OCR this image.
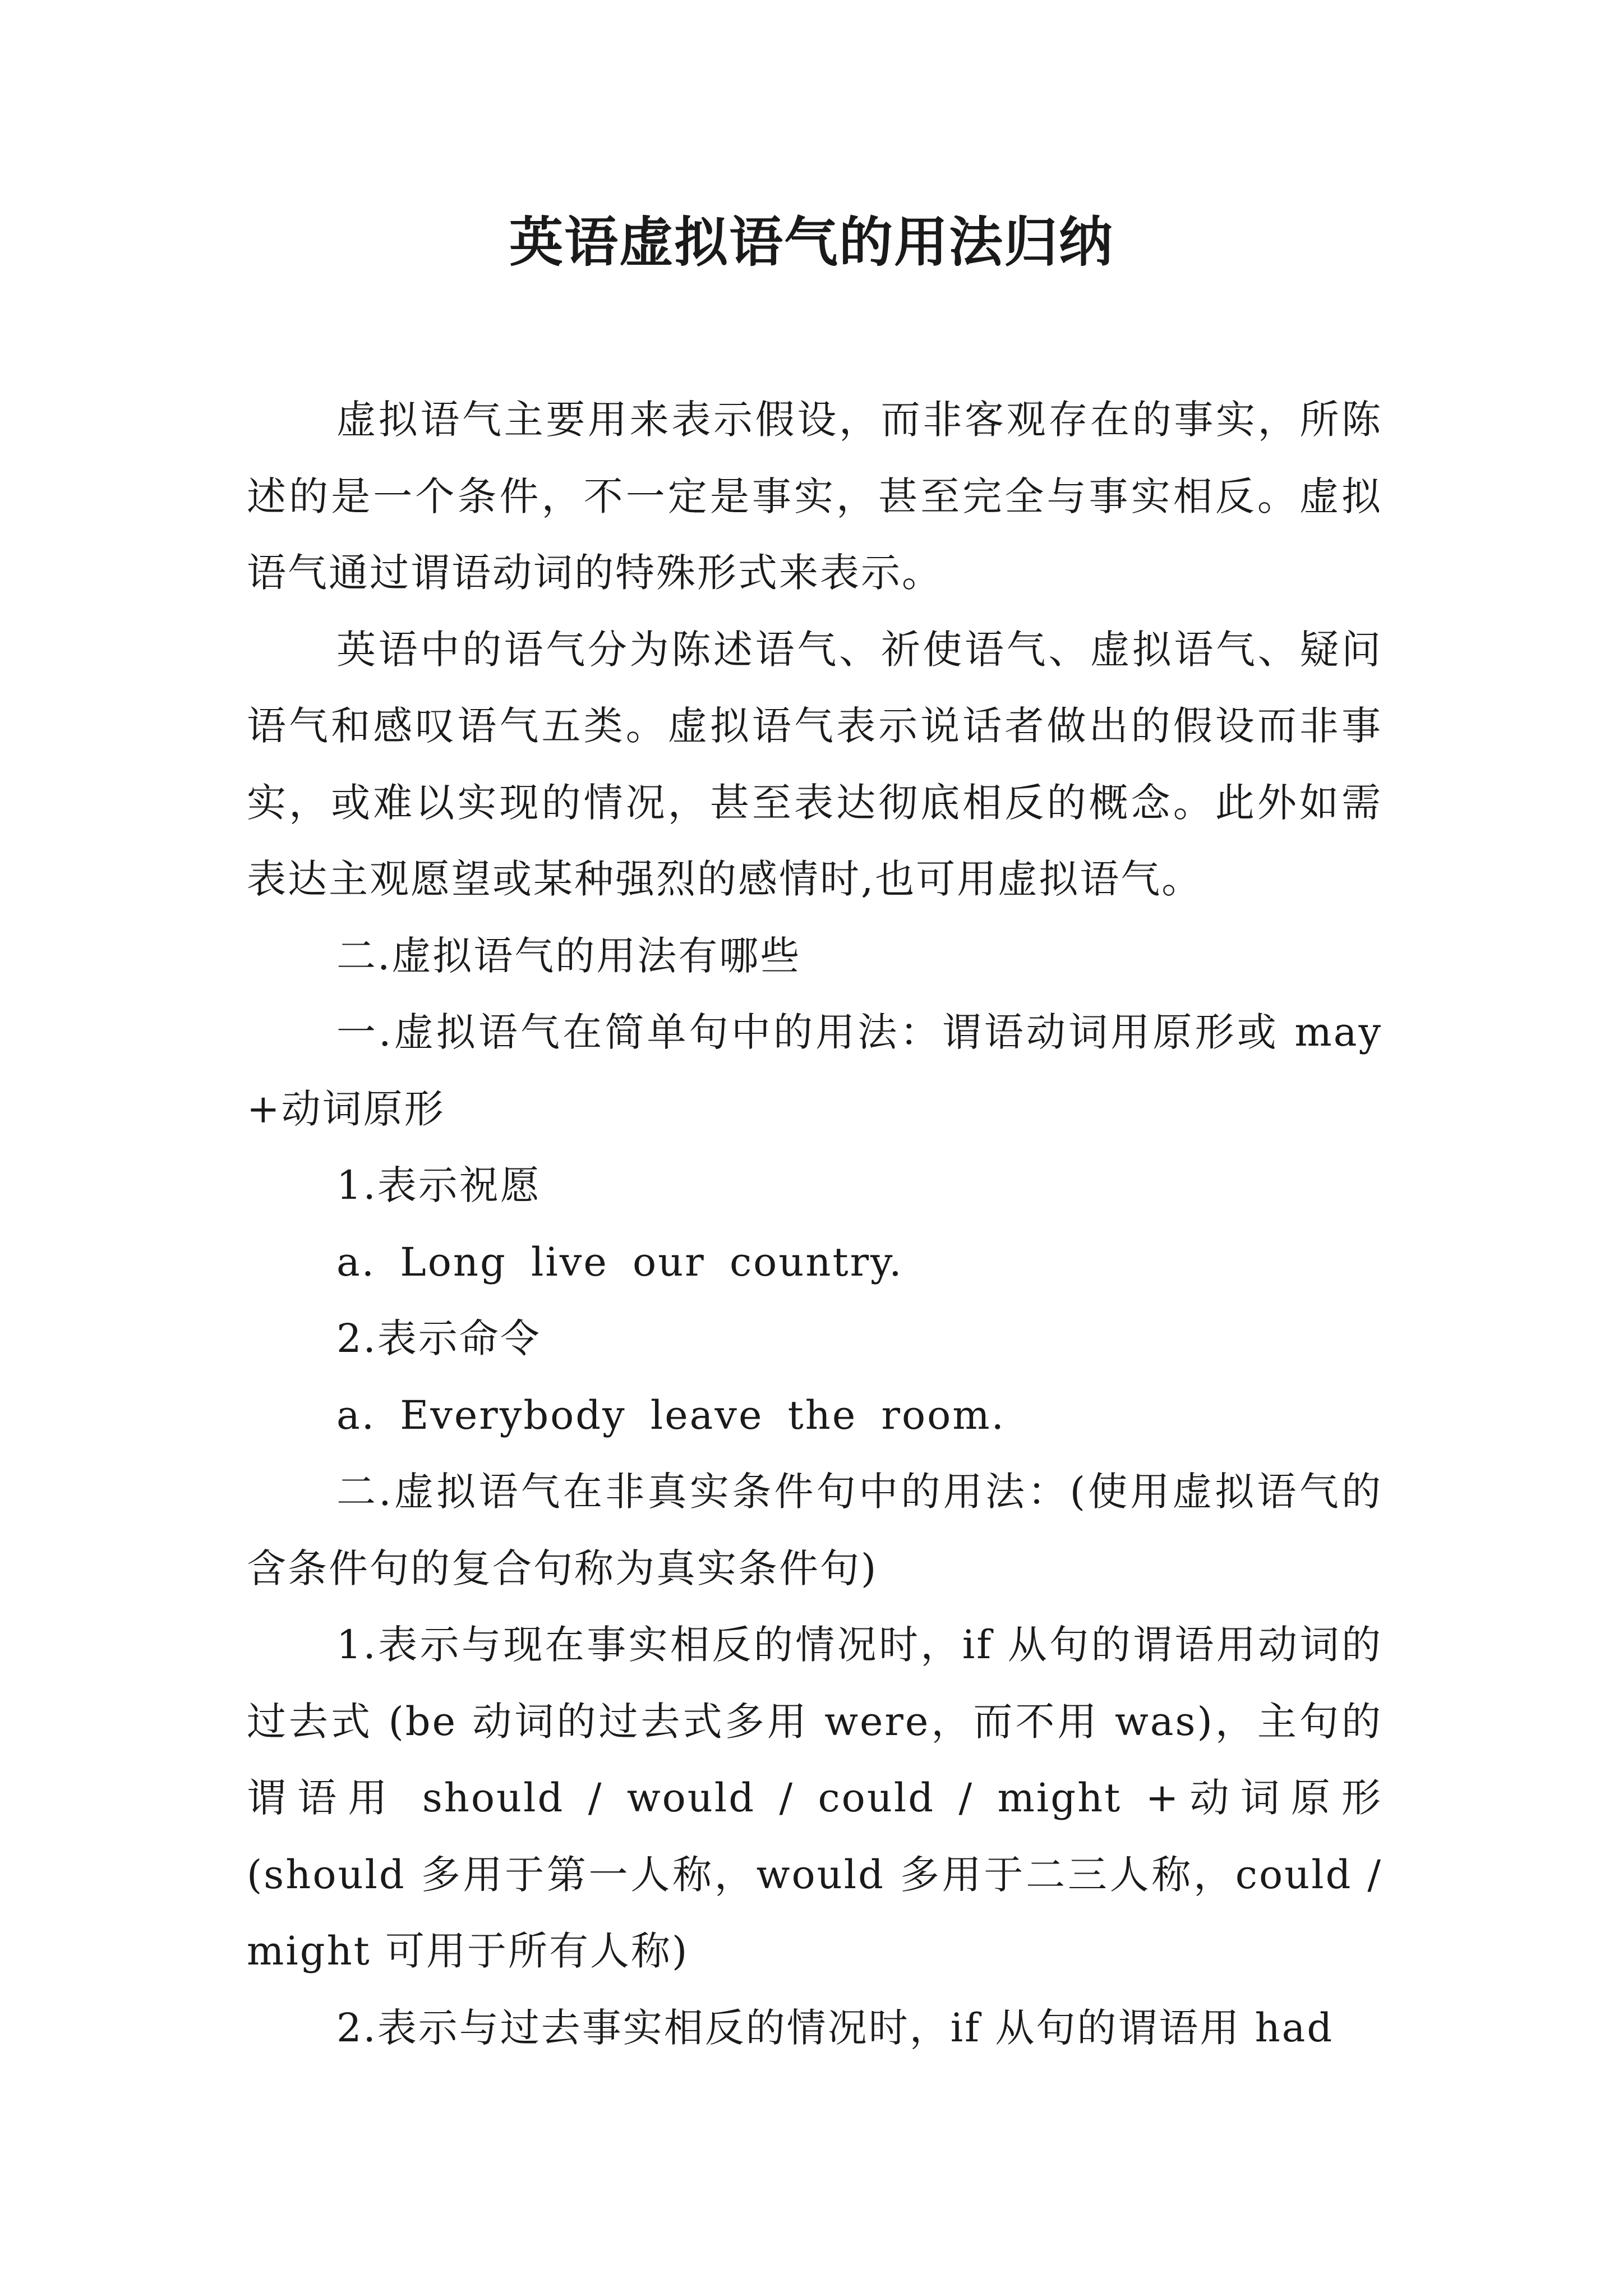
英语虚拟语气的用法归纳

虚拟语气主要用来表示假设，而非客观存在的事实，所陈述的是一个条件，不一定是事实，甚至完全与事实相反。虚拟语气通过谓语动词的特殊形式来表示。

英语中的语气分为陈述语气、祈使语气、虚拟语气、疑问语气和感叹语气五类。虚拟语气表示说话者做出的假设而非事实，或难以实现的情况，甚至表达彻底相反的概念。此外如需表达主观愿望或某种强烈的感情时,也可用虚拟语气。

二.虚拟语气的用法有哪些

一.虚拟语气在简单句中的用法：谓语动词用原形或 may +动词原形

1.表示祝愿

a. Long live our country.

2.表示命令

a. Everybody leave the room.

二.虚拟语气在非真实条件句中的用法：(使用虚拟语气的含条件句的复合句称为真实条件句)

1.表示与现在事实相反的情况时，if 从句的谓语用动词的过去式 (be 动词的过去式多用 were，而不用 was)，主句的谓语用 should / would / could / might +动词原形 (should 多用于第一人称，would 多用于二三人称，could / might 可用于所有人称)

2.表示与过去事实相反的情况时，if 从句的谓语用 had
